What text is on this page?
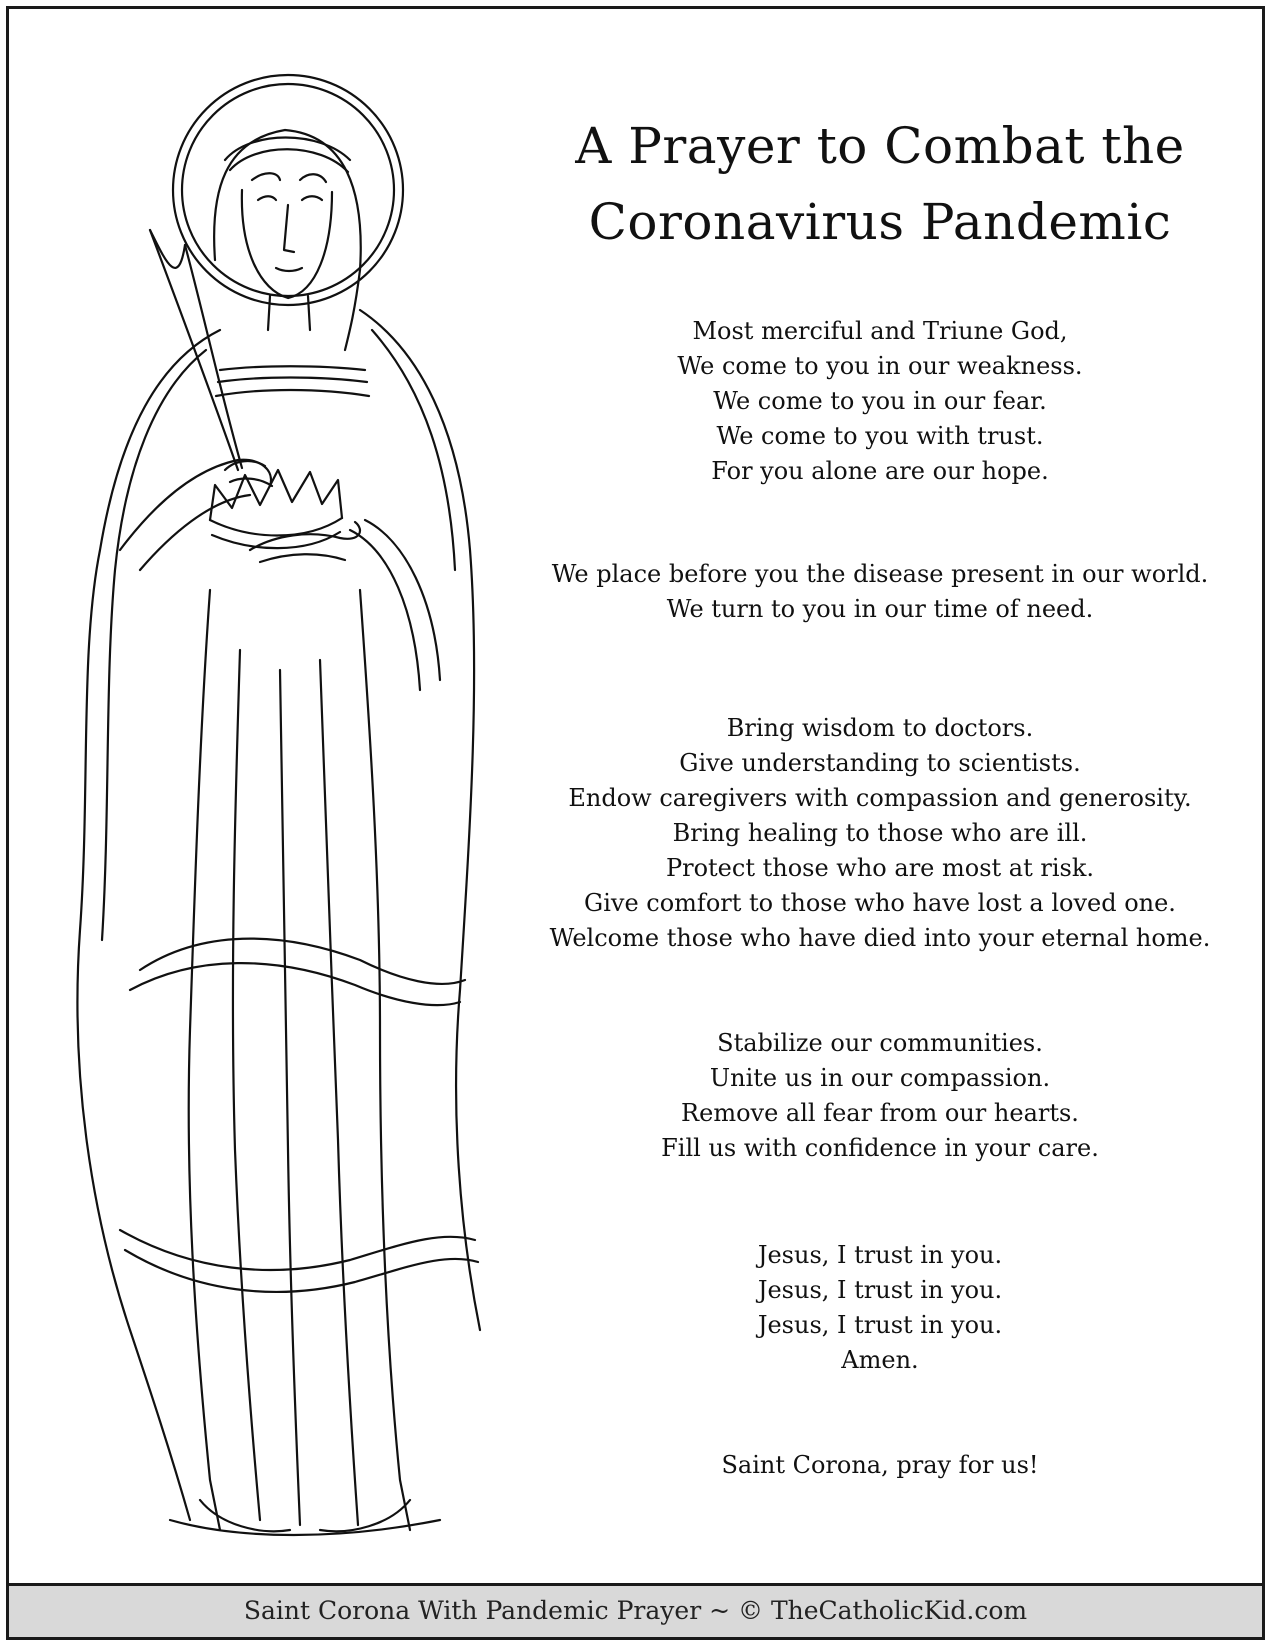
A Prayer to Combat the
Coronavirus Pandemic
Most merciful and Triune God,
We come to you in our weakness.
We come to you in our fear.
We come to you with trust.
For you alone are our hope.
We place before you the disease present in our world.
We turn to you in our time of need.
Bring wisdom to doctors.
Give understanding to scientists.
Endow caregivers with compassion and generosity.
Bring healing to those who are ill.
Protect those who are most at risk.
Give comfort to those who have lost a loved one.
Welcome those who have died into your eternal home.
Stabilize our communities.
Unite us in our compassion.
Remove all fear from our hearts.
Fill us with confidence in your care.
Jesus, I trust in you.
Jesus, I trust in you.
Jesus, I trust in you.
Amen.
Saint Corona, pray for us!
Saint Corona With Pandemic Prayer ~ © TheCatholicKid.com
